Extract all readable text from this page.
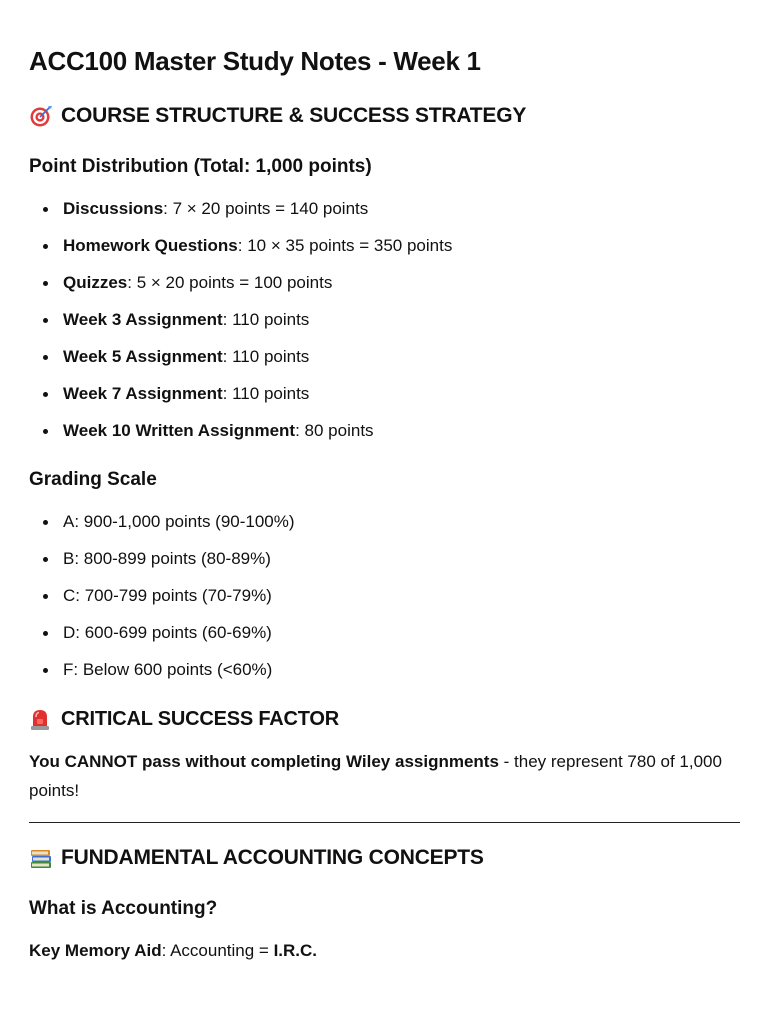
ACC100 Master Study Notes - Week 1
COURSE STRUCTURE & SUCCESS STRATEGY
Point Distribution (Total: 1,000 points)
Discussions: 7 × 20 points = 140 points
Homework Questions: 10 × 35 points = 350 points
Quizzes: 5 × 20 points = 100 points
Week 3 Assignment: 110 points
Week 5 Assignment: 110 points
Week 7 Assignment: 110 points
Week 10 Written Assignment: 80 points
Grading Scale
A: 900-1,000 points (90-100%)
B: 800-899 points (80-89%)
C: 700-799 points (70-79%)
D: 600-699 points (60-69%)
F: Below 600 points (<60%)
CRITICAL SUCCESS FACTOR

You CANNOT pass without completing Wiley assignments - they represent 780 of 1,000 points!

FUNDAMENTAL ACCOUNTING CONCEPTS
What is Accounting?

Key Memory Aid: Accounting = I.R.C.
